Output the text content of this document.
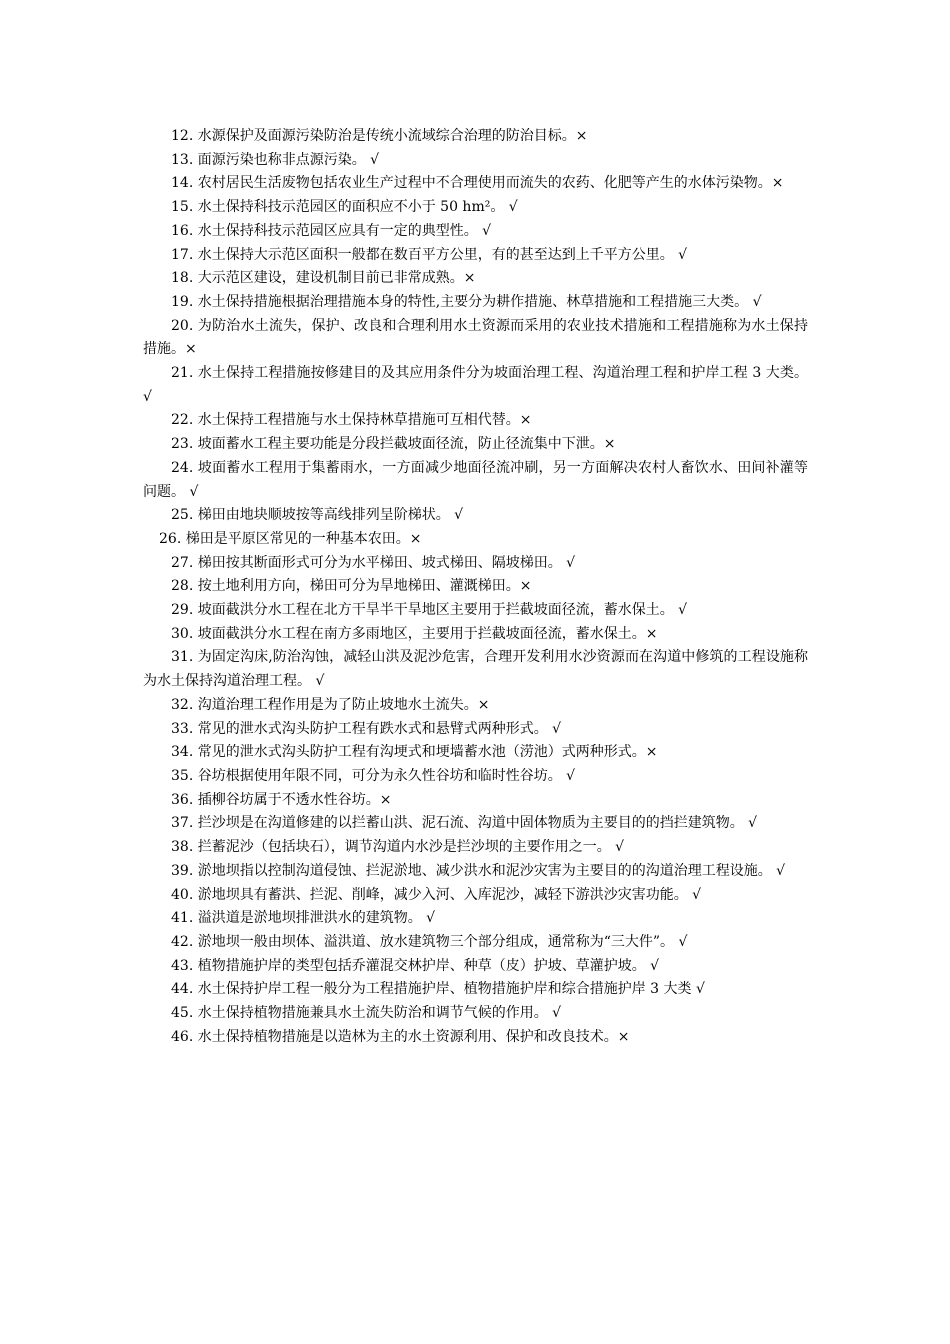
12. 水源保护及面源污染防治是传统小流域综合治理的防治目标。×

13. 面源污染也称非点源污染。 √

14. 农村居民生活废物包括农业生产过程中不合理使用而流失的农药、化肥等产生的水体污染物。×

15. 水土保持科技示范园区的面积应不小于 50 hm²。 √

16. 水土保持科技示范园区应具有一定的典型性。 √

17. 水土保持大示范区面积一般都在数百平方公里，有的甚至达到上千平方公里。 √

18. 大示范区建设，建设机制目前已非常成熟。×

19. 水土保持措施根据治理措施本身的特性,主要分为耕作措施、林草措施和工程措施三大类。 √

20. 为防治水土流失，保护、改良和合理利用水土资源而采用的农业技术措施和工程措施称为水土保持措施。×

21. 水土保持工程措施按修建目的及其应用条件分为坡面治理工程、沟道治理工程和护岸工程 3 大类。 √

22. 水土保持工程措施与水土保持林草措施可互相代替。×

23. 坡面蓄水工程主要功能是分段拦截坡面径流，防止径流集中下泄。×

24. 坡面蓄水工程用于集蓄雨水，一方面减少地面径流冲刷，另一方面解决农村人畜饮水、田间补灌等问题。 √

25. 梯田由地块顺坡按等高线排列呈阶梯状。 √

26. 梯田是平原区常见的一种基本农田。×

27. 梯田按其断面形式可分为水平梯田、坡式梯田、隔坡梯田。 √

28. 按土地利用方向，梯田可分为旱地梯田、灌溉梯田。×

29. 坡面截洪分水工程在北方干旱半干旱地区主要用于拦截坡面径流，蓄水保土。 √

30. 坡面截洪分水工程在南方多雨地区，主要用于拦截坡面径流，蓄水保土。×

31. 为固定沟床,防治沟蚀，减轻山洪及泥沙危害，合理开发利用水沙资源而在沟道中修筑的工程设施称为水土保持沟道治理工程。 √

32. 沟道治理工程作用是为了防止坡地水土流失。×

33. 常见的泄水式沟头防护工程有跌水式和悬臂式两种形式。 √

34. 常见的泄水式沟头防护工程有沟埂式和埂墙蓄水池（涝池）式两种形式。×

35. 谷坊根据使用年限不同，可分为永久性谷坊和临时性谷坊。 √

36. 插柳谷坊属于不透水性谷坊。×

37. 拦沙坝是在沟道修建的以拦蓄山洪、泥石流、沟道中固体物质为主要目的的挡拦建筑物。 √

38. 拦蓄泥沙（包括块石），调节沟道内水沙是拦沙坝的主要作用之一。 √

39. 淤地坝指以控制沟道侵蚀、拦泥淤地、减少洪水和泥沙灾害为主要目的的沟道治理工程设施。 √

40. 淤地坝具有蓄洪、拦泥、削峰，减少入河、入库泥沙，减轻下游洪沙灾害功能。 √

41. 溢洪道是淤地坝排泄洪水的建筑物。 √

42. 淤地坝一般由坝体、溢洪道、放水建筑物三个部分组成，通常称为“三大件”。 √

43. 植物措施护岸的类型包括乔灌混交林护岸、种草（皮）护坡、草灌护坡。 √

44. 水土保持护岸工程一般分为工程措施护岸、植物措施护岸和综合措施护岸 3 大类 √

45. 水土保持植物措施兼具水土流失防治和调节气候的作用。 √

46. 水土保持植物措施是以造林为主的水土资源利用、保护和改良技术。×
